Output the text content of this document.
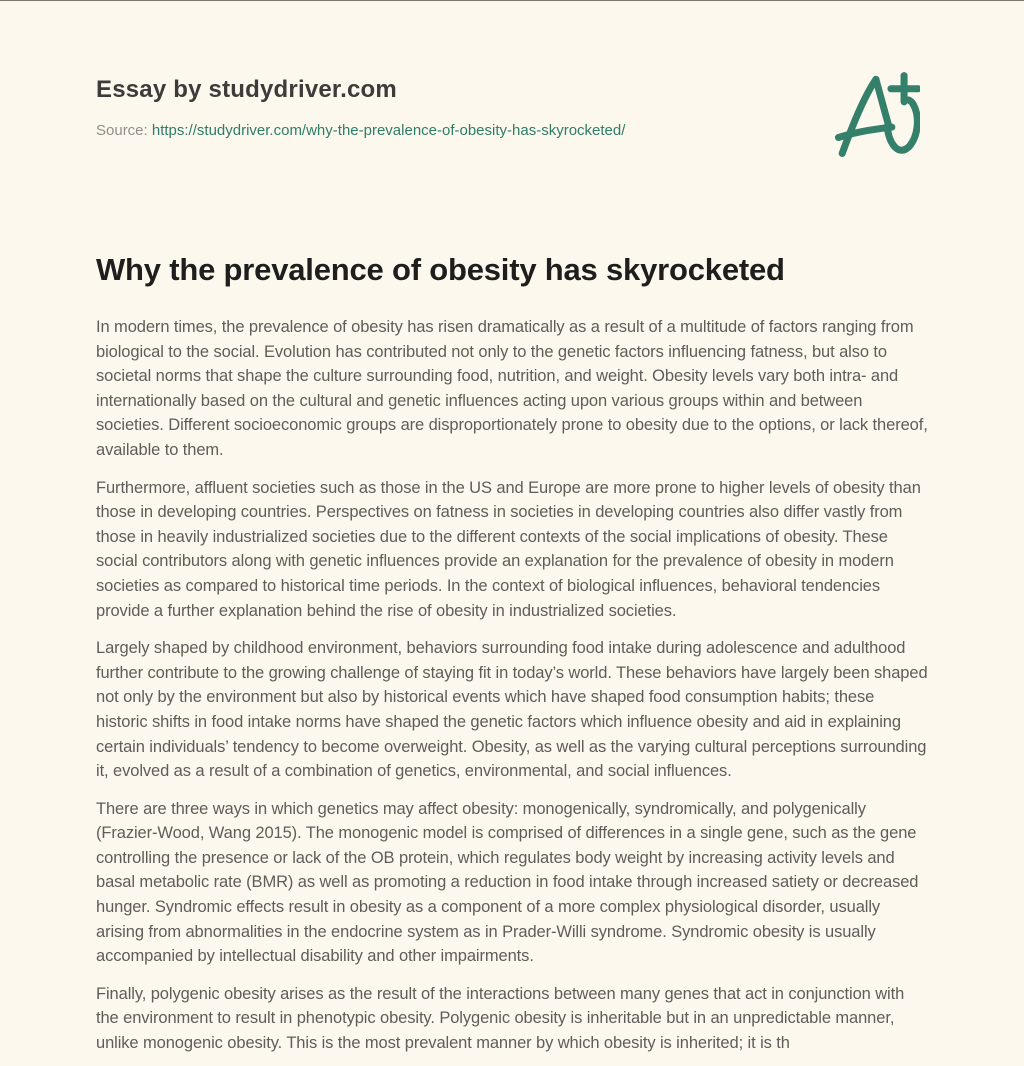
Essay by studydriver.com
Source: https://studydriver.com/why-the-prevalence-of-obesity-has-skyrocketed/
Why the prevalence of obesity has skyrocketed

In modern times, the prevalence of obesity has risen dramatically as a result of a multitude of factors ranging from biological to the social. Evolution has contributed not only to the genetic factors influencing fatness, but also to societal norms that shape the culture surrounding food, nutrition, and weight. Obesity levels vary both intra- and internationally based on the cultural and genetic influences acting upon various groups within and between societies. Different socioeconomic groups are disproportionately prone to obesity due to the options, or lack thereof, available to them.

Furthermore, affluent societies such as those in the US and Europe are more prone to higher levels of obesity than those in developing countries. Perspectives on fatness in societies in developing countries also differ vastly from those in heavily industrialized societies due to the different contexts of the social implications of obesity. These social contributors along with genetic influences provide an explanation for the prevalence of obesity in modern societies as compared to historical time periods. In the context of biological influences, behavioral tendencies provide a further explanation behind the rise of obesity in industrialized societies.

Largely shaped by childhood environment, behaviors surrounding food intake during adolescence and adulthood further contribute to the growing challenge of staying fit in today’s world. These behaviors have largely been shaped not only by the environment but also by historical events which have shaped food consumption habits; these historic shifts in food intake norms have shaped the genetic factors which influence obesity and aid in explaining certain individuals’ tendency to become overweight. Obesity, as well as the varying cultural perceptions surrounding it, evolved as a result of a combination of genetics, environmental, and social influences.

There are three ways in which genetics may affect obesity: monogenically, syndromically, and polygenically (Frazier-Wood, Wang 2015). The monogenic model is comprised of differences in a single gene, such as the gene controlling the presence or lack of the OB protein, which regulates body weight by increasing activity levels and basal metabolic rate (BMR) as well as promoting a reduction in food intake through increased satiety or decreased hunger. Syndromic effects result in obesity as a component of a more complex physiological disorder, usually arising from abnormalities in the endocrine system as in Prader-Willi syndrome. Syndromic obesity is usually accompanied by intellectual disability and other impairments.

Finally, polygenic obesity arises as the result of the interactions between many genes that act in conjunction with the environment to result in phenotypic obesity. Polygenic obesity is inheritable but in an unpredictable manner, unlike monogenic obesity. This is the most prevalent manner by which obesity is inherited; it is th
